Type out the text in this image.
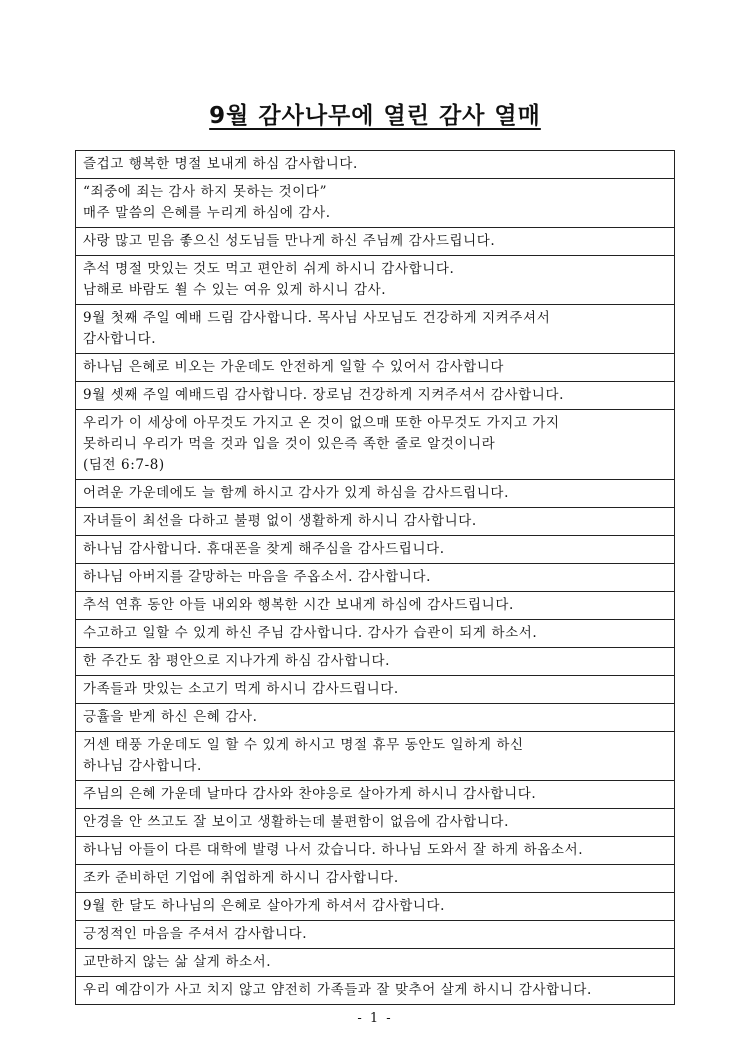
9월 감사나무에 열린 감사 열매
즐겁고 행복한 명절 보내게 하심 감사합니다.

“죄중에 죄는 감사 하지 못하는 것이다”
매주 말씀의 은혜를 누리게 하심에 감사.

사랑 많고 믿음 좋으신 성도님들 만나게 하신 주님께 감사드립니다.

추석 명절 맛있는 것도 먹고 편안히 쉬게 하시니 감사합니다.
남해로 바람도 쐴 수 있는 여유 있게 하시니 감사.

9월 첫째 주일 예배 드림 감사합니다. 목사님 사모님도 건강하게 지켜주셔서
감사합니다.

하나님 은혜로 비오는 가운데도 안전하게 일할 수 있어서 감사합니다

9월 셋째 주일 예배드림 감사합니다. 장로님 건강하게 지켜주셔서 감사합니다.

우리가 이 세상에 아무것도 가지고 온 것이 없으매 또한 아무것도 가지고 가지
못하리니 우리가 먹을 것과 입을 것이 있은즉 족한 줄로 알것이니라
(딤전 6:7-8)

어려운 가운데에도 늘 함께 하시고 감사가 있게 하심을 감사드립니다.

자녀들이 최선을 다하고 불평 없이 생활하게 하시니 감사합니다.

하나님 감사합니다. 휴대폰을 찾게 해주심을 감사드립니다.

하나님 아버지를 갈망하는 마음을 주옵소서. 감사합니다.

추석 연휴 동안 아들 내외와 행복한 시간 보내게 하심에 감사드립니다.

수고하고 일할 수 있게 하신 주님 감사합니다. 감사가 습관이 되게 하소서.

한 주간도 참 평안으로 지나가게 하심 감사합니다.

가족들과 맛있는 소고기 먹게 하시니 감사드립니다.

긍휼을 받게 하신 은혜 감사.

거센 태풍 가운데도 일 할 수 있게 하시고 명절 휴무 동안도 일하게 하신
하나님 감사합니다.

주님의 은혜 가운데 날마다 감사와 찬야응로 살아가게 하시니 감사합니다.

안경을 안 쓰고도 잘 보이고 생활하는데 불편함이 없음에 감사합니다.

하나님 아들이 다른 대학에 발령 나서 갔습니다. 하나님 도와서 잘 하게 하옵소서.

조카 준비하던 기업에 취업하게 하시니 감사합니다.

9월 한 달도 하나님의 은혜로 살아가게 하셔서 감사합니다.

긍정적인 마음을 주셔서 감사합니다.

교만하지 않는 삶 살게 하소서.

우리 예감이가 사고 치지 않고 얌전히 가족들과 잘 맞추어 살게 하시니 감사합니다.
- 1 -
